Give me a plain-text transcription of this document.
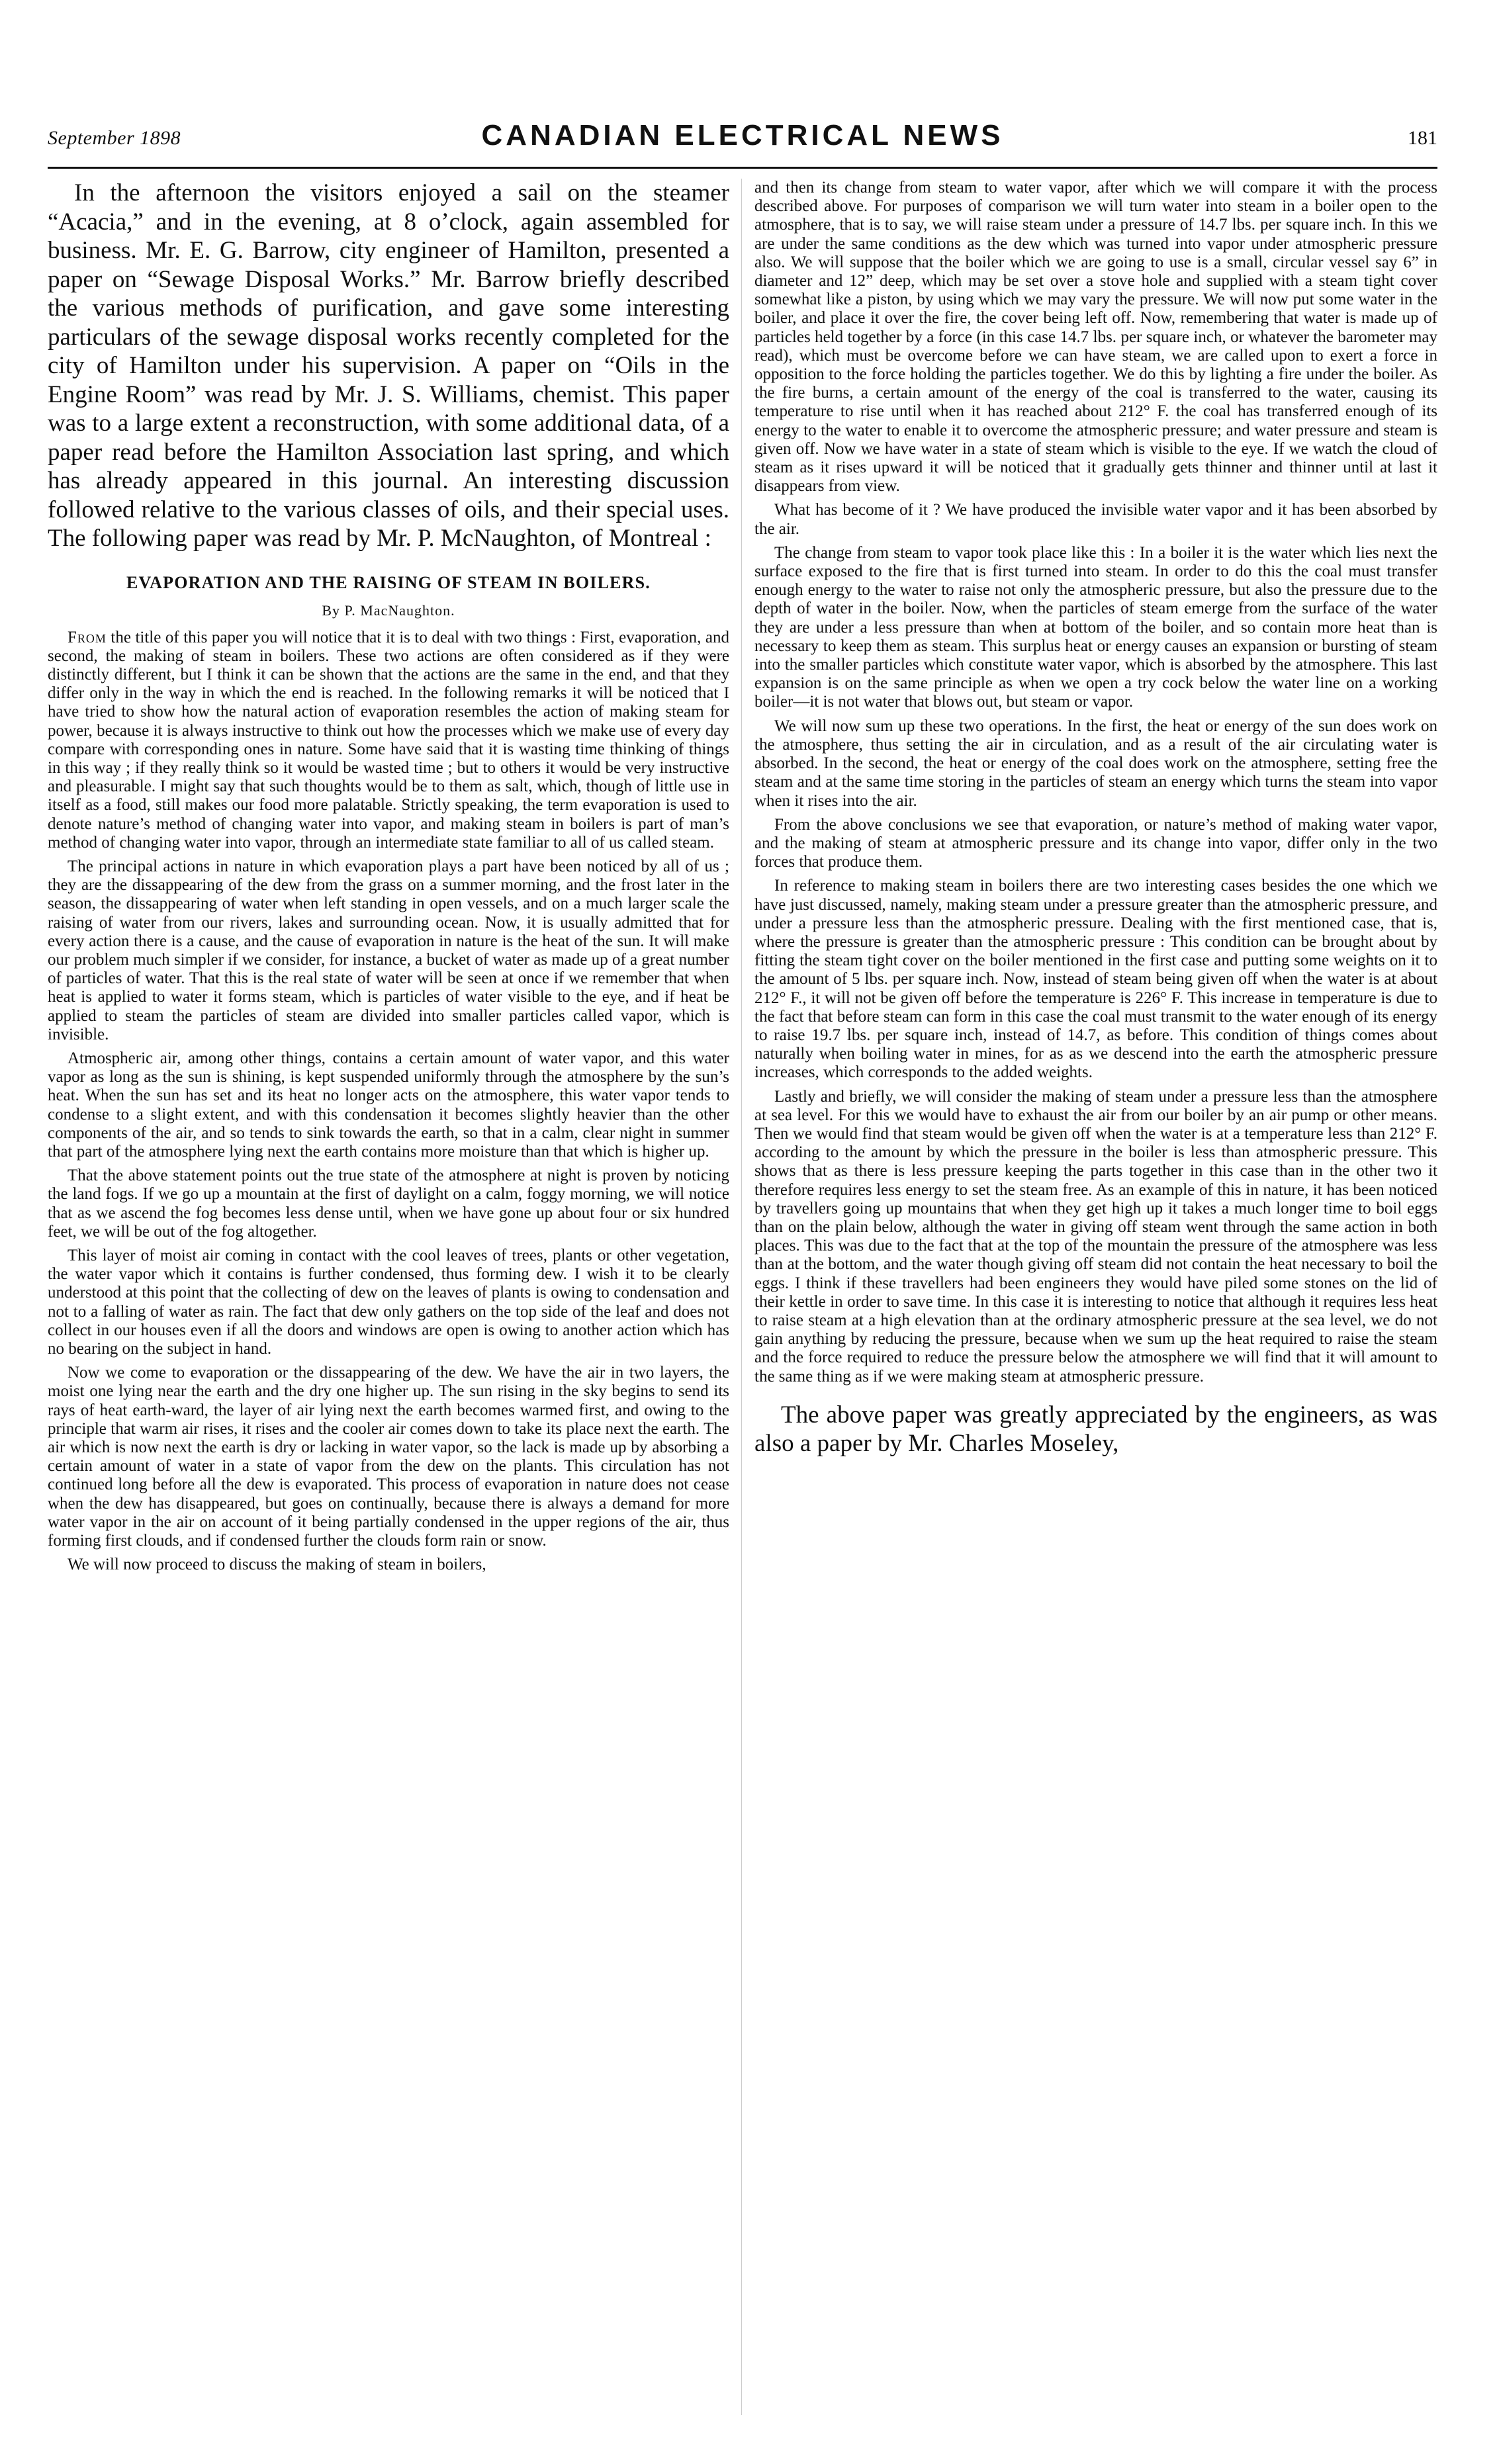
September 1898	CANADIAN ELECTRICAL NEWS	181

In the afternoon the visitors enjoyed a sail on the steamer “Acacia,” and in the evening, at 8 o’clock, again assembled for business. Mr. E. G. Barrow, city engineer of Hamilton, presented a paper on “Sewage Disposal Works.” Mr. Barrow briefly described the various methods of purification, and gave some interesting particulars of the sewage disposal works recently completed for the city of Hamilton under his supervision. A paper on “Oils in the Engine Room” was read by Mr. J. S. Williams, chemist. This paper was to a large extent a reconstruction, with some additional data, of a paper read before the Hamilton Association last spring, and which has already appeared in this journal. An interesting discussion followed relative to the various classes of oils, and their special uses. The following paper was read by Mr. P. McNaughton, of Montreal :

EVAPORATION AND THE RAISING OF STEAM IN BOILERS.
By P. MacNaughton.

From the title of this paper you will notice that it is to deal with two things : First, evaporation, and second, the making of steam in boilers. These two actions are often considered as if they were distinctly different, but I think it can be shown that the actions are the same in the end, and that they differ only in the way in which the end is reached. In the following remarks it will be noticed that I have tried to show how the natural action of evaporation resembles the action of making steam for power, because it is always instructive to think out how the processes which we make use of every day compare with corresponding ones in nature. Some have said that it is wasting time thinking of things in this way ; if they really think so it would be wasted time ; but to others it would be very instructive and pleasurable. I might say that such thoughts would be to them as salt, which, though of little use in itself as a food, still makes our food more palatable. Strictly speaking, the term evaporation is used to denote nature’s method of changing water into vapor, and making steam in boilers is part of man’s method of changing water into vapor, through an intermediate state familiar to all of us called steam.

The principal actions in nature in which evaporation plays a part have been noticed by all of us ; they are the dissappearing of the dew from the grass on a summer morning, and the frost later in the season, the dissappearing of water when left standing in open vessels, and on a much larger scale the raising of water from our rivers, lakes and surrounding ocean. Now, it is usually admitted that for every action there is a cause, and the cause of evaporation in nature is the heat of the sun. It will make our problem much simpler if we consider, for instance, a bucket of water as made up of a great number of particles of water. That this is the real state of water will be seen at once if we remember that when heat is applied to water it forms steam, which is particles of water visible to the eye, and if heat be applied to steam the particles of steam are divided into smaller particles called vapor, which is invisible.

Atmospheric air, among other things, contains a certain amount of water vapor, and this water vapor as long as the sun is shining, is kept suspended uniformly through the atmosphere by the sun’s heat. When the sun has set and its heat no longer acts on the atmosphere, this water vapor tends to condense to a slight extent, and with this condensation it becomes slightly heavier than the other components of the air, and so tends to sink towards the earth, so that in a calm, clear night in summer that part of the atmosphere lying next the earth contains more moisture than that which is higher up.

That the above statement points out the true state of the atmosphere at night is proven by noticing the land fogs. If we go up a mountain at the first of daylight on a calm, foggy morning, we will notice that as we ascend the fog becomes less dense until, when we have gone up about four or six hundred feet, we will be out of the fog altogether.

This layer of moist air coming in contact with the cool leaves of trees, plants or other vegetation, the water vapor which it contains is further condensed, thus forming dew. I wish it to be clearly understood at this point that the collecting of dew on the leaves of plants is owing to condensation and not to a falling of water as rain. The fact that dew only gathers on the top side of the leaf and does not collect in our houses even if all the doors and windows are open is owing to another action which has no bearing on the subject in hand.

Now we come to evaporation or the dissappearing of the dew. We have the air in two layers, the moist one lying near the earth and the dry one higher up. The sun rising in the sky begins to send its rays of heat earth-ward, the layer of air lying next the earth becomes warmed first, and owing to the principle that warm air rises, it rises and the cooler air comes down to take its place next the earth. The air which is now next the earth is dry or lacking in water vapor, so the lack is made up by absorbing a certain amount of water in a state of vapor from the dew on the plants. This circulation has not continued long before all the dew is evaporated. This process of evaporation in nature does not cease when the dew has disappeared, but goes on continually, because there is always a demand for more water vapor in the air on account of it being partially condensed in the upper regions of the air, thus forming first clouds, and if condensed further the clouds form rain or snow.

We will now proceed to discuss the making of steam in boilers,

and then its change from steam to water vapor, after which we will compare it with the process described above. For purposes of comparison we will turn water into steam in a boiler open to the atmosphere, that is to say, we will raise steam under a pressure of 14.7 lbs. per square inch. In this we are under the same conditions as the dew which was turned into vapor under atmospheric pressure also. We will suppose that the boiler which we are going to use is a small, circular vessel say 6” in diameter and 12” deep, which may be set over a stove hole and supplied with a steam tight cover somewhat like a piston, by using which we may vary the pressure. We will now put some water in the boiler, and place it over the fire, the cover being left off. Now, remembering that water is made up of particles held together by a force (in this case 14.7 lbs. per square inch, or whatever the barometer may read), which must be overcome before we can have steam, we are called upon to exert a force in opposition to the force holding the particles together. We do this by lighting a fire under the boiler. As the fire burns, a certain amount of the energy of the coal is transferred to the water, causing its temperature to rise until when it has reached about 212° F. the coal has transferred enough of its energy to the water to enable it to overcome the atmospheric pressure; and water pressure and steam is given off. Now we have water in a state of steam which is visible to the eye. If we watch the cloud of steam as it rises upward it will be noticed that it gradually gets thinner and thinner until at last it disappears from view.

What has become of it ? We have produced the invisible water vapor and it has been absorbed by the air.

The change from steam to vapor took place like this : In a boiler it is the water which lies next the surface exposed to the fire that is first turned into steam. In order to do this the coal must transfer enough energy to the water to raise not only the atmospheric pressure, but also the pressure due to the depth of water in the boiler. Now, when the particles of steam emerge from the surface of the water they are under a less pressure than when at bottom of the boiler, and so contain more heat than is necessary to keep them as steam. This surplus heat or energy causes an expansion or bursting of steam into the smaller particles which constitute water vapor, which is absorbed by the atmosphere. This last expansion is on the same principle as when we open a try cock below the water line on a working boiler—it is not water that blows out, but steam or vapor.

We will now sum up these two operations. In the first, the heat or energy of the sun does work on the atmosphere, thus setting the air in circulation, and as a result of the air circulating water is absorbed. In the second, the heat or energy of the coal does work on the atmosphere, setting free the steam and at the same time storing in the particles of steam an energy which turns the steam into vapor when it rises into the air.

From the above conclusions we see that evaporation, or nature’s method of making water vapor, and the making of steam at atmospheric pressure and its change into vapor, differ only in the two forces that produce them.

In reference to making steam in boilers there are two interesting cases besides the one which we have just discussed, namely, making steam under a pressure greater than the atmospheric pressure, and under a pressure less than the atmospheric pressure. Dealing with the first mentioned case, that is, where the pressure is greater than the atmospheric pressure : This condition can be brought about by fitting the steam tight cover on the boiler mentioned in the first case and putting some weights on it to the amount of 5 lbs. per square inch. Now, instead of steam being given off when the water is at about 212° F., it will not be given off before the temperature is 226° F. This increase in temperature is due to the fact that before steam can form in this case the coal must transmit to the water enough of its energy to raise 19.7 lbs. per square inch, instead of 14.7, as before. This condition of things comes about naturally when boiling water in mines, for as as we descend into the earth the atmospheric pressure increases, which corresponds to the added weights.

Lastly and briefly, we will consider the making of steam under a pressure less than the atmosphere at sea level. For this we would have to exhaust the air from our boiler by an air pump or other means. Then we would find that steam would be given off when the water is at a temperature less than 212° F. according to the amount by which the pressure in the boiler is less than atmospheric pressure. This shows that as there is less pressure keeping the parts together in this case than in the other two it therefore requires less energy to set the steam free. As an example of this in nature, it has been noticed by travellers going up mountains that when they get high up it takes a much longer time to boil eggs than on the plain below, although the water in giving off steam went through the same action in both places. This was due to the fact that at the top of the mountain the pressure of the atmosphere was less than at the bottom, and the water though giving off steam did not contain the heat necessary to boil the eggs. I think if these travellers had been engineers they would have piled some stones on the lid of their kettle in order to save time. In this case it is interesting to notice that although it requires less heat to raise steam at a high elevation than at the ordinary atmospheric pressure at the sea level, we do not gain anything by reducing the pressure, because when we sum up the heat required to raise the steam and the force required to reduce the pressure below the atmosphere we will find that it will amount to the same thing as if we were making steam at atmospheric pressure.

The above paper was greatly appreciated by the engineers, as was also a paper by Mr. Charles Moseley,
